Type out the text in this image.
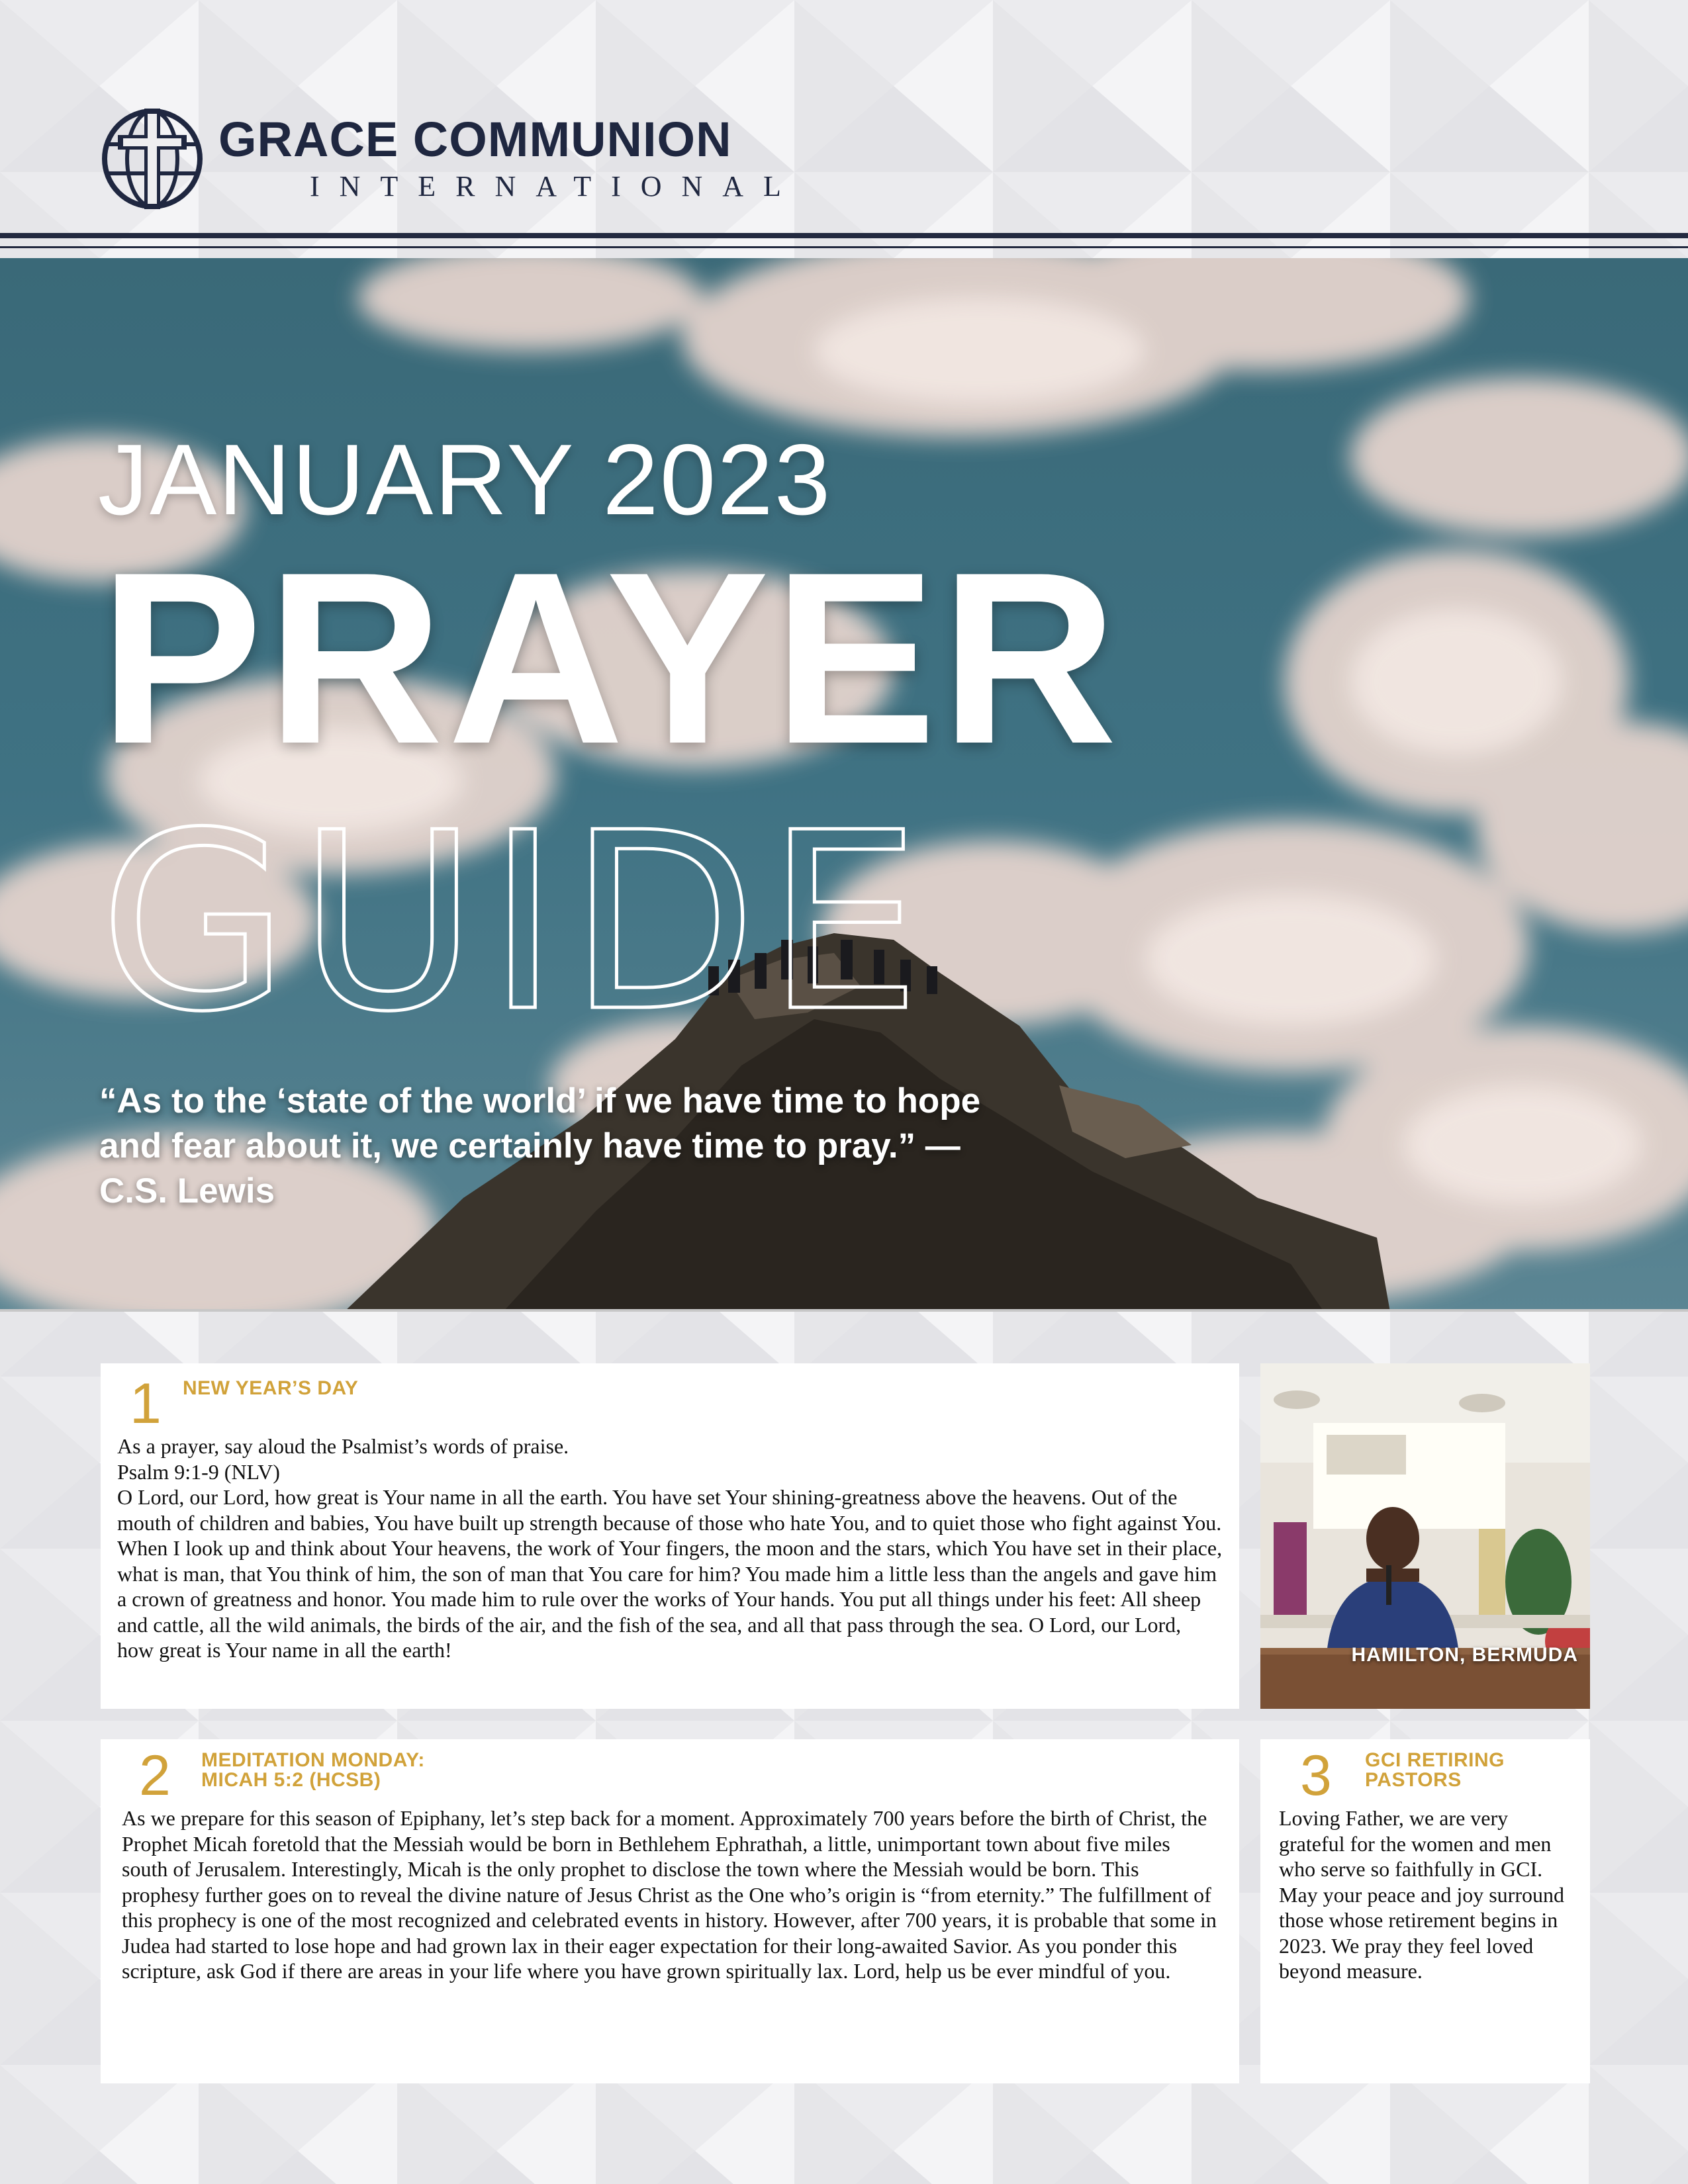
GRACE COMMUNION
INTERNATIONAL
JANUARY 2023
PRAYER
GUIDE
“As to the ‘state of the world’ if we have time to hope and fear about it, we certainly have time to pray.” — C.S. Lewis
1 NEW YEAR’S DAY

As a prayer, say aloud the Psalmist’s words of praise.

Psalm 9:1-9 (NLV)

O Lord, our Lord, how great is Your name in all the earth. You have set Your shining-greatness above the heavens. Out of the mouth of children and babies, You have built up strength because of those who hate You, and to quiet those who fight against You. When I look up and think about Your heavens, the work of Your fingers, the moon and the stars, which You have set in their place, what is man, that You think of him, the son of man that You care for him? You made him a little less than the angels and gave him a crown of greatness and honor. You made him to rule over the works of Your hands. You put all things under his feet: All sheep and cattle, all the wild animals, the birds of the air, and the fish of the sea, and all that pass through the sea. O Lord, our Lord, how great is Your name in all the earth!	HAMILTON, BERMUDA
2 MEDITATION MONDAY:
MICAH 5:2 (HCSB)
As we prepare for this season of Epiphany, let’s step back for a moment. Approximately 700 years before the birth of Christ, the Prophet Micah foretold that the Messiah would be born in Bethlehem Ephrathah, a little, unimportant town about five miles south of Jerusalem. Interestingly, Micah is the only prophet to disclose the town where the Messiah would be born. This prophesy further goes on to reveal the divine nature of Jesus Christ as the One who’s origin is “from eternity.” The fulfillment of this prophecy is one of the most recognized and celebrated events in history. However, after 700 years, it is probable that some in Judea had started to lose hope and had grown lax in their eager expectation for their long-awaited Savior. As you ponder this scripture, ask God if there are areas in your life where you have grown spiritually lax. Lord, help us be ever mindful of you.
3 GCI RETIRING
PASTORS
Loving Father, we are very grateful for the women and men who serve so faithfully in GCI. May your peace and joy surround those whose retirement begins in 2023. We pray they feel loved beyond measure.
